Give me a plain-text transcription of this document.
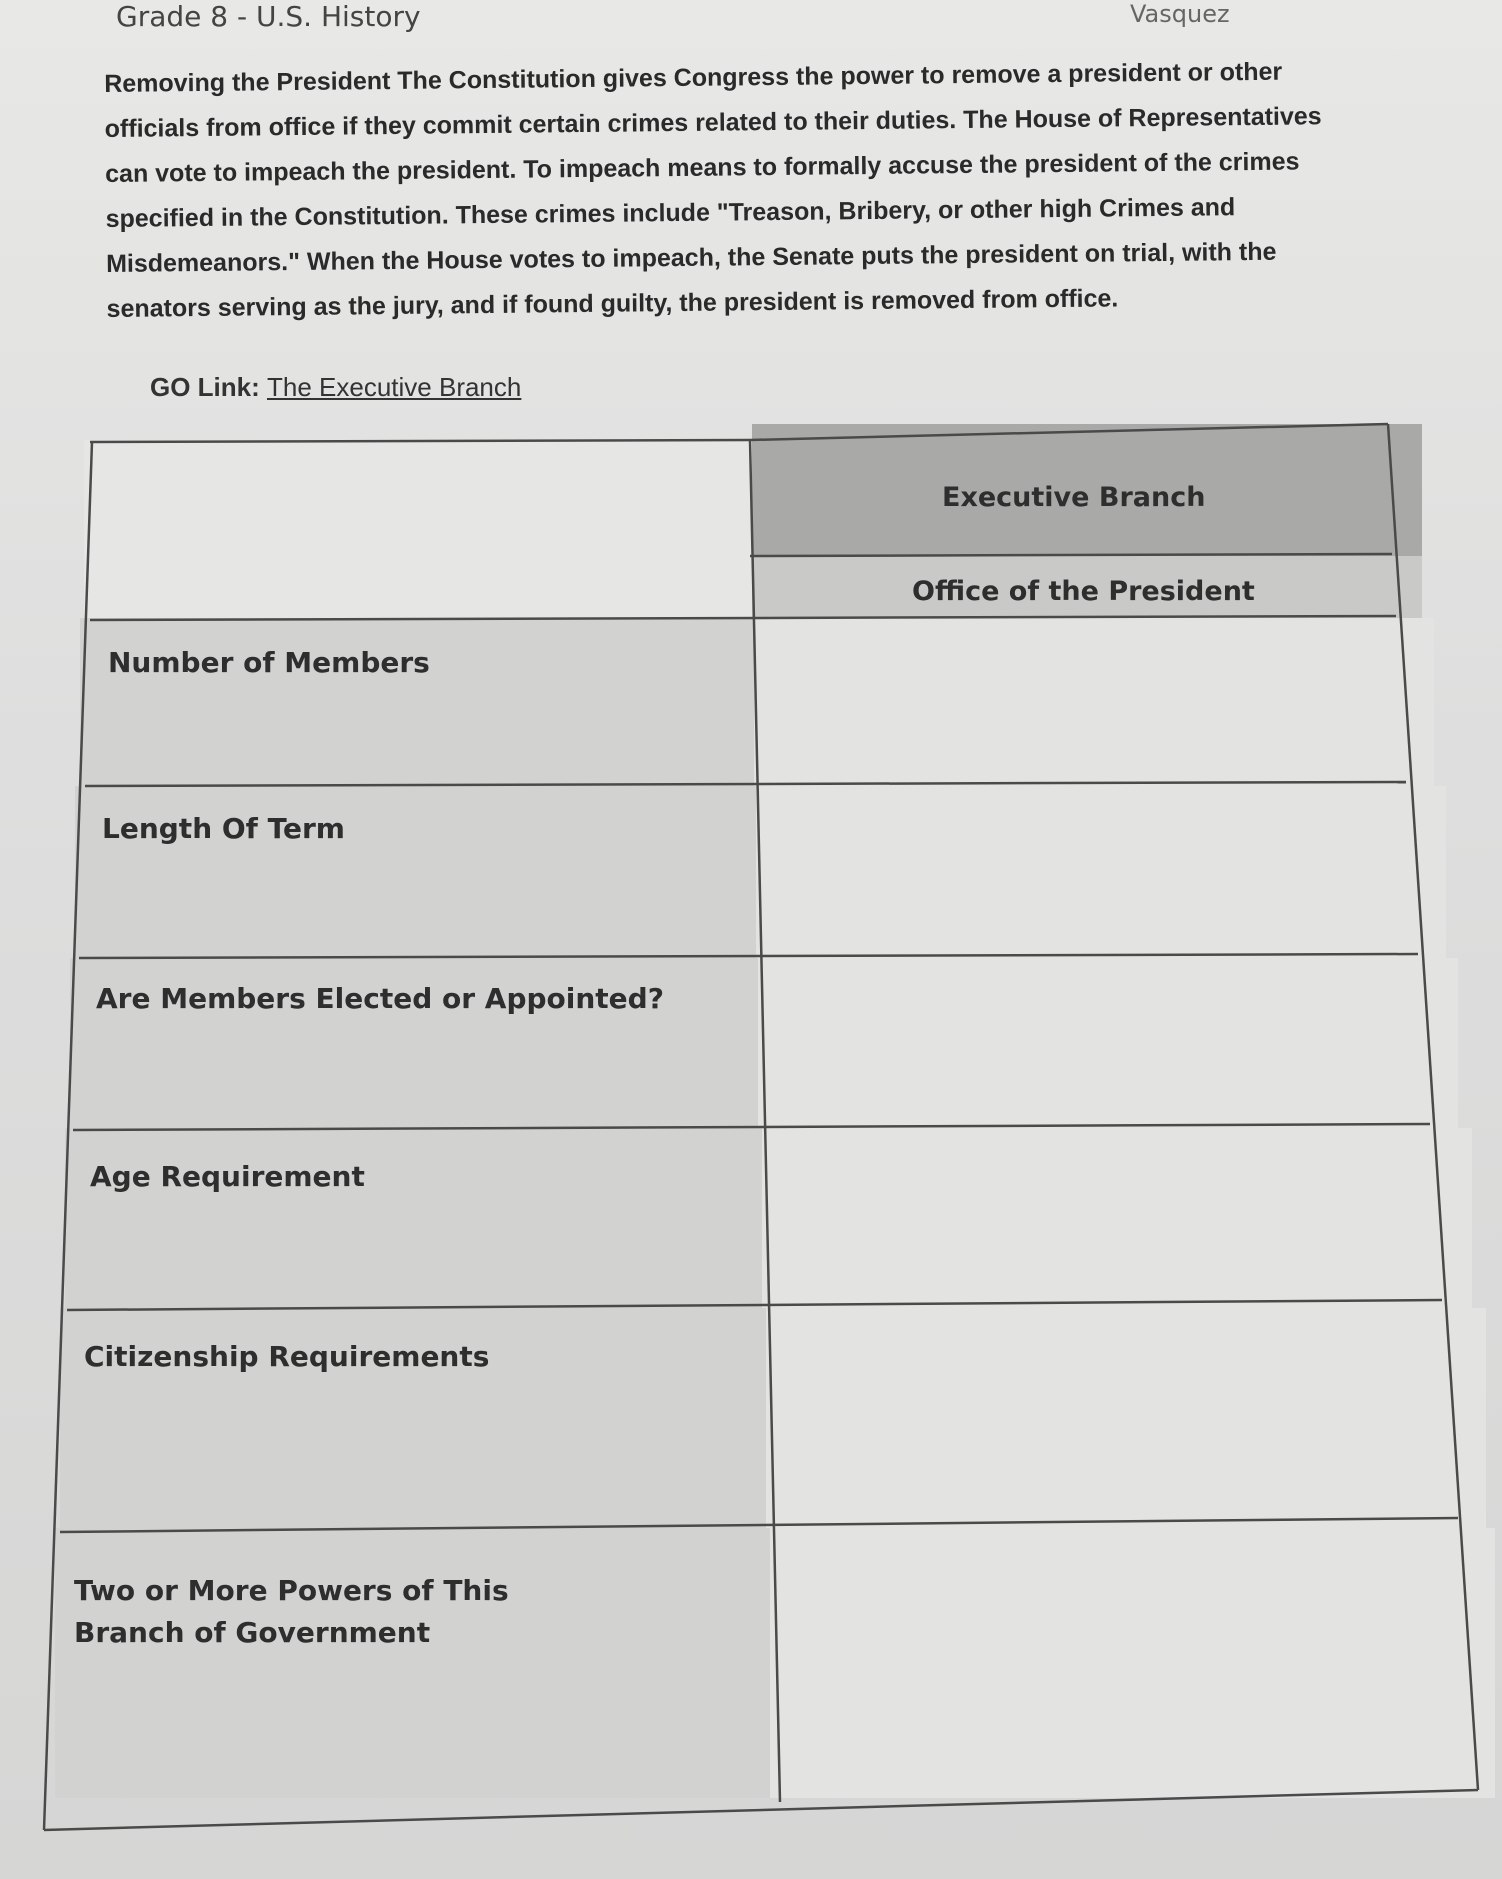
Grade 8 - U.S. History	Vasquez
Removing the President The Constitution gives Congress the power to remove a president or other
officials from office if they commit certain crimes related to their duties. The House of Representatives
can vote to impeach the president. To impeach means to formally accuse the president of the crimes
specified in the Constitution. These crimes include "Treason, Bribery, or other high Crimes and
Misdemeanors." When the House votes to impeach, the Senate puts the president on trial, with the
senators serving as the jury, and if found guilty, the president is removed from office.
GO Link: The Executive Branch
Executive Branch
Office of the President
Number of Members
Length Of Term
Are Members Elected or Appointed?
Age Requirement
Citizenship Requirements
Two or More Powers of This Branch of Government
